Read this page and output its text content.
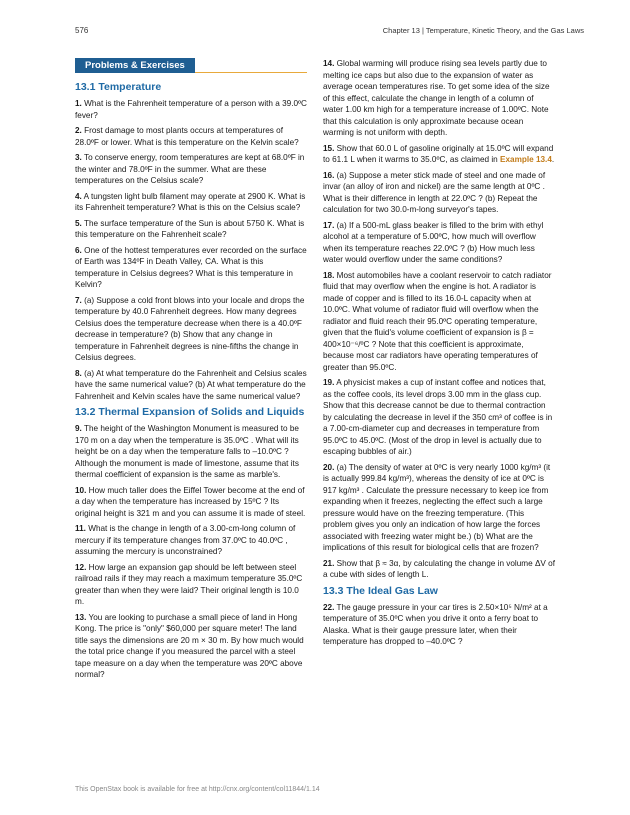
576	Chapter 13 | Temperature, Kinetic Theory, and the Gas Laws
Problems & Exercises
13.1 Temperature
1. What is the Fahrenheit temperature of a person with a 39.0ºC fever?
2. Frost damage to most plants occurs at temperatures of 28.0ºF or lower. What is this temperature on the Kelvin scale?
3. To conserve energy, room temperatures are kept at 68.0ºF in the winter and 78.0ºF in the summer. What are these temperatures on the Celsius scale?
4. A tungsten light bulb filament may operate at 2900 K. What is its Fahrenheit temperature? What is this on the Celsius scale?
5. The surface temperature of the Sun is about 5750 K. What is this temperature on the Fahrenheit scale?
6. One of the hottest temperatures ever recorded on the surface of Earth was 134ºF in Death Valley, CA. What is this temperature in Celsius degrees? What is this temperature in Kelvin?
7. (a) Suppose a cold front blows into your locale and drops the temperature by 40.0 Fahrenheit degrees. How many degrees Celsius does the temperature decrease when there is a 40.0ºF decrease in temperature? (b) Show that any change in temperature in Fahrenheit degrees is nine-fifths the change in Celsius degrees.
8. (a) At what temperature do the Fahrenheit and Celsius scales have the same numerical value? (b) At what temperature do the Fahrenheit and Kelvin scales have the same numerical value?
13.2 Thermal Expansion of Solids and Liquids
9. The height of the Washington Monument is measured to be 170 m on a day when the temperature is 35.0ºC . What will its height be on a day when the temperature falls to –10.0ºC ? Although the monument is made of limestone, assume that its thermal coefficient of expansion is the same as marble's.
10. How much taller does the Eiffel Tower become at the end of a day when the temperature has increased by 15ºC ? Its original height is 321 m and you can assume it is made of steel.
11. What is the change in length of a 3.00-cm-long column of mercury if its temperature changes from 37.0ºC to 40.0ºC , assuming the mercury is unconstrained?
12. How large an expansion gap should be left between steel railroad rails if they may reach a maximum temperature 35.0ºC greater than when they were laid? Their original length is 10.0 m.
13. You are looking to purchase a small piece of land in Hong Kong. The price is "only" $60,000 per square meter! The land title says the dimensions are 20 m × 30 m. By how much would the total price change if you measured the parcel with a steel tape measure on a day when the temperature was 20ºC above normal?
14. Global warming will produce rising sea levels partly due to melting ice caps but also due to the expansion of water as average ocean temperatures rise. To get some idea of the size of this effect, calculate the change in length of a column of water 1.00 km high for a temperature increase of 1.00ºC. Note that this calculation is only approximate because ocean warming is not uniform with depth.
15. Show that 60.0 L of gasoline originally at 15.0ºC will expand to 61.1 L when it warms to 35.0ºC, as claimed in Example 13.4.
16. (a) Suppose a meter stick made of steel and one made of invar (an alloy of iron and nickel) are the same length at 0ºC . What is their difference in length at 22.0ºC ? (b) Repeat the calculation for two 30.0-m-long surveyor's tapes.
17. (a) If a 500-mL glass beaker is filled to the brim with ethyl alcohol at a temperature of 5.00ºC, how much will overflow when its temperature reaches 22.0ºC ? (b) How much less water would overflow under the same conditions?
18. Most automobiles have a coolant reservoir to catch radiator fluid that may overflow when the engine is hot. A radiator is made of copper and is filled to its 16.0-L capacity when at 10.0ºC. What volume of radiator fluid will overflow when the radiator and fluid reach their 95.0ºC operating temperature, given that the fluid's volume coefficient of expansion is β = 400×10⁻⁶/ºC ? Note that this coefficient is approximate, because most car radiators have operating temperatures of greater than 95.0ºC.
19. A physicist makes a cup of instant coffee and notices that, as the coffee cools, its level drops 3.00 mm in the glass cup. Show that this decrease cannot be due to thermal contraction by calculating the decrease in level if the 350 cm³ of coffee is in a 7.00-cm-diameter cup and decreases in temperature from 95.0ºC to 45.0ºC. (Most of the drop in level is actually due to escaping bubbles of air.)
20. (a) The density of water at 0ºC is very nearly 1000 kg/m³ (it is actually 999.84 kg/m³), whereas the density of ice at 0ºC is 917 kg/m³ . Calculate the pressure necessary to keep ice from expanding when it freezes, neglecting the effect such a large pressure would have on the freezing temperature. (This problem gives you only an indication of how large the forces associated with freezing water might be.) (b) What are the implications of this result for biological cells that are frozen?
21. Show that β ≈ 3α, by calculating the change in volume ΔV of a cube with sides of length L.
13.3 The Ideal Gas Law
22. The gauge pressure in your car tires is 2.50×10⁵ N/m² at a temperature of 35.0ºC when you drive it onto a ferry boat to Alaska. What is their gauge pressure later, when their temperature has dropped to –40.0ºC ?
This OpenStax book is available for free at http://cnx.org/content/col11844/1.14
